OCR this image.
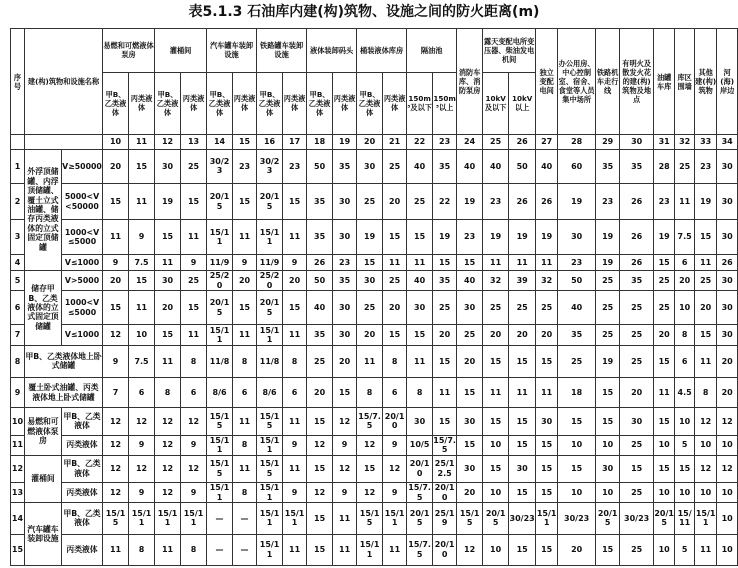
表5.1.3 石油库内建(构)筑物、设施之间的防火距离(m)
序号	建(构)筑物和设施名称		易燃和可燃液体泵房		灌桶间		汽车罐车装卸设施		铁路罐车装卸设施		液体装卸码头		桶装液体库房		隔油池		消防车库、消防泵房	露天变配电所变压器、柴油发电机间		独立变配电间	办公用房、中心控制室、宿舍、食堂等人员集中场所	铁路机车走行线	有明火及散发火花的建(构)筑物及地点	油罐车库	库区围墙	其他建(构)筑物	河(海)岸边
			甲B、乙类液体	丙类液体	甲B、乙类液体	丙类液体	甲B、乙类液体	丙类液体	甲B、乙类液体	丙类液体	甲B、乙类液体	丙类液体	甲B、乙类液体	丙类液体	150m³及以下	150m³以上		10kV及以下	10kV以上								
			10	11	12	13	14	15	16	17	18	19	20	21	22	23	24	25	26	27	28	29	30	31	32	33	34
1	外浮顶储罐、内浮顶储罐、覆土立式油罐、储存丙类液体的立式固定顶储罐	V≥50000	20	15	30	25	30/23	23	30/23	23	50	35	30	25	40	35	40	40	50	40	60	35	35	28	25	23	30
2		5000<V<50000	15	11	19	15	20/15	15	20/15	15	35	30	25	20	25	22	19	23	26	26	19	23	26	23	11	19	30
3		1000<V≤5000	11	9	15	11	15/11	11	15/11	11	35	30	19	15	15	19	23	19	19	19	30	19	26	19	7.5	15	30
4		V≤1000	9	7.5	11	9	11/9	9	11/9	9	26	23	15	11	11	15	15	11	11	11	23	19	26	15	6	11	26
5	储存甲B、乙类液体的立式固定顶储罐	V>5000	20	15	30	25	25/20	20	25/20	20	50	35	30	25	40	35	40	32	39	32	50	25	35	25	20	25	30
6		1000<V≤5000	15	11	20	15	20/15	15	20/15	15	40	30	25	20	30	25	30	25	25	25	40	25	25	25	10	20	30
7		V≤1000	12	10	15	11	15/11	11	15/11	11	35	30	20	15	15	20	25	20	20	20	35	25	25	20	8	15	30
8	甲B、乙类液体地上卧式储罐		9	7.5	11	8	11/8	8	11/8	8	25	20	11	8	11	15	20	15	15	15	25	19	25	15	6	11	20
9	覆土卧式油罐、丙类液体地上卧式储罐		7	6	8	6	8/6	6	8/6	6	20	15	8	6	8	11	15	11	11	11	18	15	20	11	4.5	8	20
10	易燃和可燃液体泵房	甲B、乙类液体	12	12	12	12	15/15	11	15/15	11	15	12	15/7.5	20/10	30	15	30	15	15	30	15	15	30	15	10	12	12
11		丙类液体	12	9	12	9	15/11	8	15/11	9	12	9	12	9	10/5	15/7.5	15	10	15	15	10	10	25	10	5	10	10
12	灌桶间	甲B、乙类液体	12	12	12	12	15/15	11	15/15	11	15	12	15	12	20/10	25/12.5	30	15	30	15	15	30	15	15	15	12	12
13		丙类液体	12	9	12	9	15/11	8	15/11	9	12	9	12	9	15/7.5	20/10	20	10	15	15	10	10	25	10	10	10	10
14	汽车罐车装卸设施	甲B、乙类液体	15/15	15/11	15/11	15/11	—	—	15/11	15/11	15	11	15/15	15/11	20/15	25/19	15/15	20/15	30/23	15/11	30/23	20/15	30/23	20/15	15/11	15/11	10
15		丙类液体	11	8	11	8	—	—	15/11	11	15	11	15/11	11	15/7.5	20/10	12	10	15	15	20	15	25	10	5	11	10
